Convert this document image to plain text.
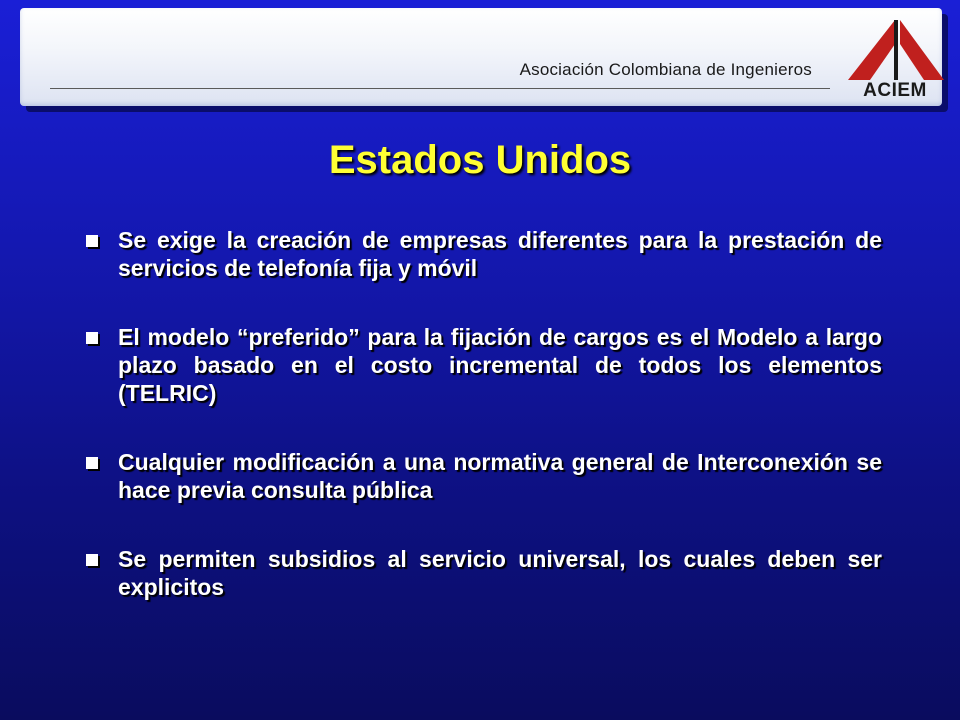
Asociación Colombiana de Ingenieros
ACIEM
Estados Unidos
Se exige la creación de empresas diferentes para la prestación de servicios de telefonía fija y móvil
El modelo “preferido” para la fijación de cargos es el Modelo a largo plazo basado en el costo incremental de todos los elementos (TELRIC)
Cualquier modificación a una normativa general de Interconexión se hace previa consulta pública
Se permiten subsidios al servicio universal, los cuales deben ser explicitos
